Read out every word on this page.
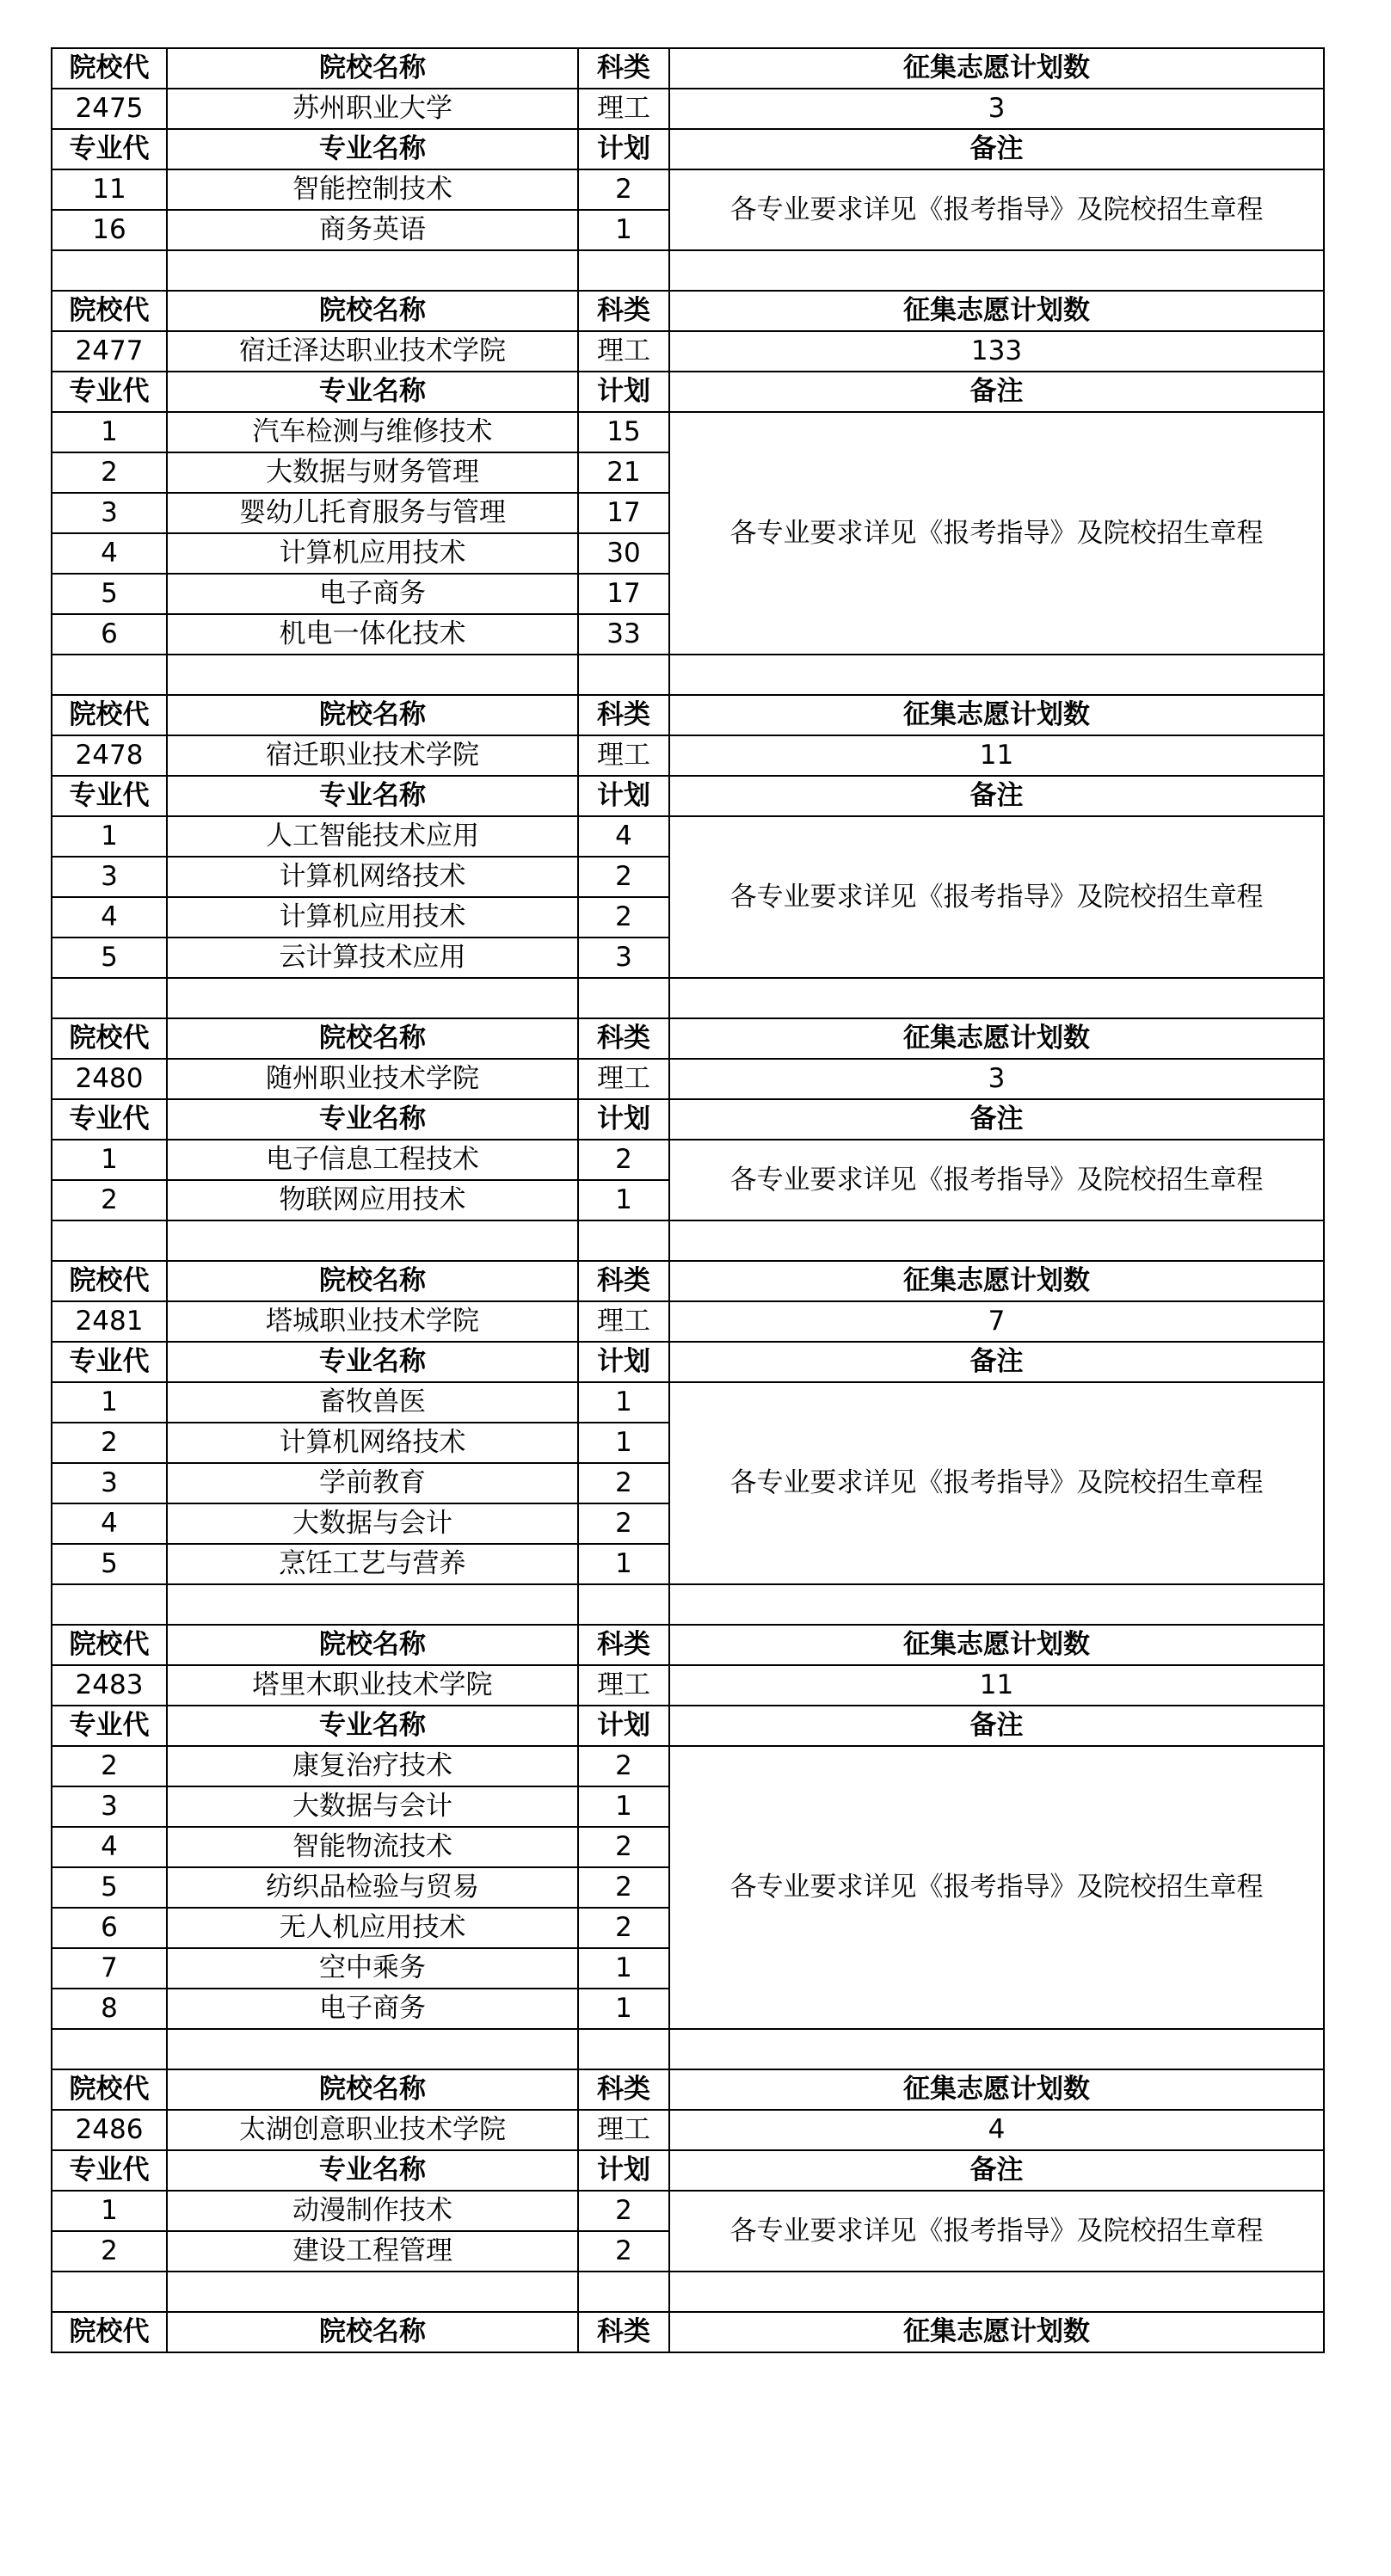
院校代	院校名称	科类	征集志愿计划数
2475	苏州职业大学	理工	3
专业代	专业名称	计划	备注
11	智能控制技术	2	各专业要求详见《报考指导》及院校招生章程
16	商务英语	1	

院校代	院校名称	科类	征集志愿计划数
2477	宿迁泽达职业技术学院	理工	133
专业代	专业名称	计划	备注
1	汽车检测与维修技术	15	各专业要求详见《报考指导》及院校招生章程
2	大数据与财务管理	21	
3	婴幼儿托育服务与管理	17	
4	计算机应用技术	30	
5	电子商务	17	
6	机电一体化技术	33	

院校代	院校名称	科类	征集志愿计划数
2478	宿迁职业技术学院	理工	11
专业代	专业名称	计划	备注
1	人工智能技术应用	4	各专业要求详见《报考指导》及院校招生章程
3	计算机网络技术	2	
4	计算机应用技术	2	
5	云计算技术应用	3	

院校代	院校名称	科类	征集志愿计划数
2480	随州职业技术学院	理工	3
专业代	专业名称	计划	备注
1	电子信息工程技术	2	各专业要求详见《报考指导》及院校招生章程
2	物联网应用技术	1	

院校代	院校名称	科类	征集志愿计划数
2481	塔城职业技术学院	理工	7
专业代	专业名称	计划	备注
1	畜牧兽医	1	各专业要求详见《报考指导》及院校招生章程
2	计算机网络技术	1	
3	学前教育	2	
4	大数据与会计	2	
5	烹饪工艺与营养	1	

院校代	院校名称	科类	征集志愿计划数
2483	塔里木职业技术学院	理工	11
专业代	专业名称	计划	备注
2	康复治疗技术	2	各专业要求详见《报考指导》及院校招生章程
3	大数据与会计	1	
4	智能物流技术	2	
5	纺织品检验与贸易	2	
6	无人机应用技术	2	
7	空中乘务	1	
8	电子商务	1	

院校代	院校名称	科类	征集志愿计划数
2486	太湖创意职业技术学院	理工	4
专业代	专业名称	计划	备注
1	动漫制作技术	2	各专业要求详见《报考指导》及院校招生章程
2	建设工程管理	2	

院校代	院校名称	科类	征集志愿计划数
